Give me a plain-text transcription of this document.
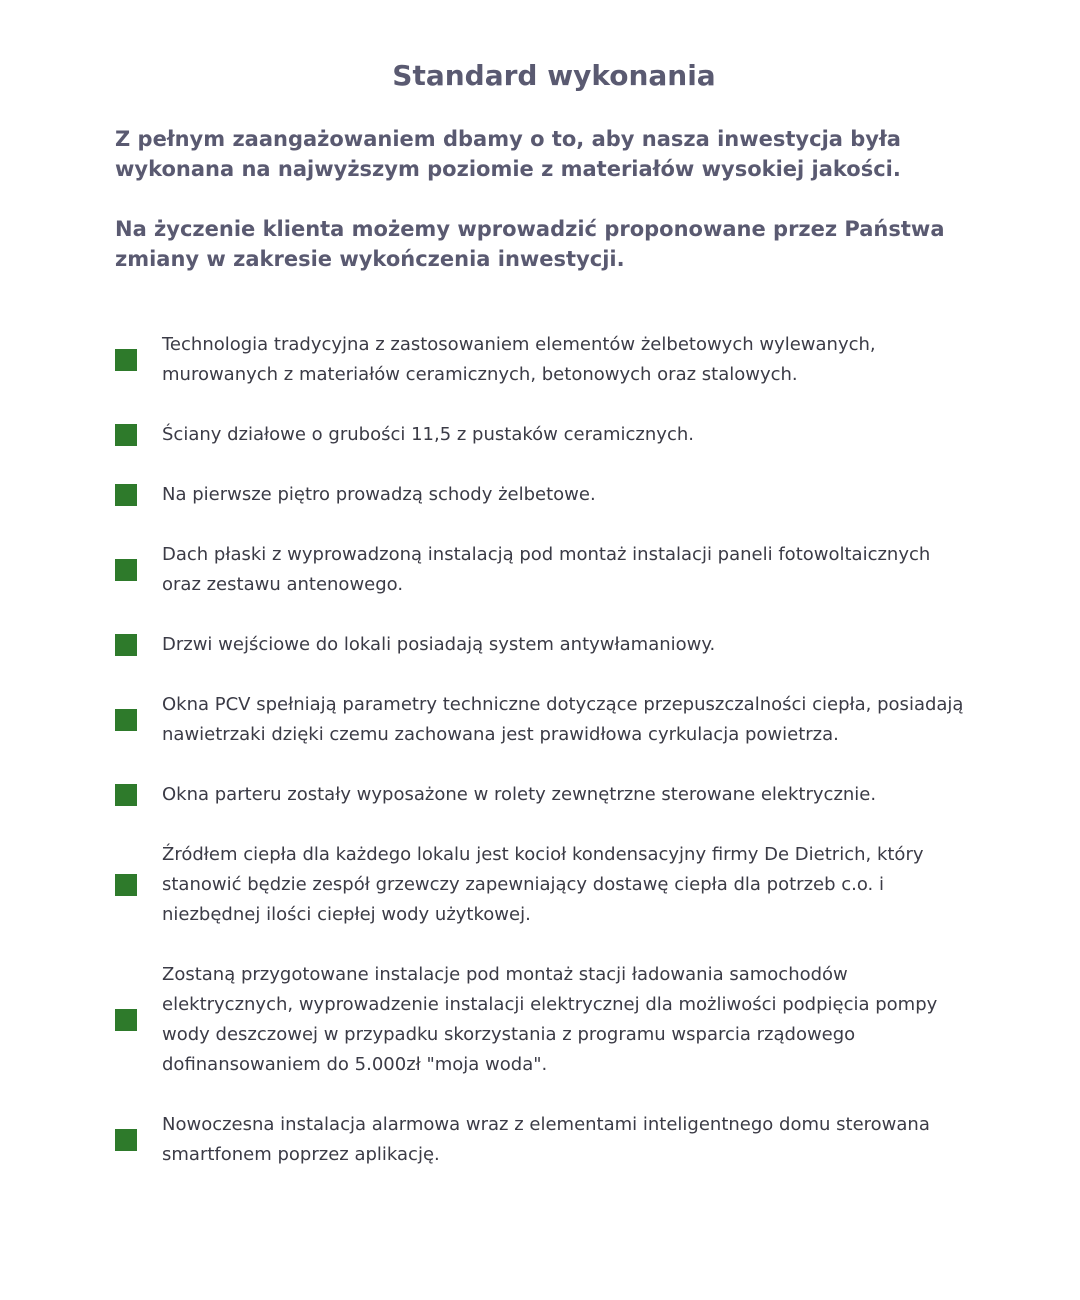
Standard wykonania

Z pełnym zaangażowaniem dbamy o to, aby nasza inwestycja była wykonana na najwyższym poziomie z materiałów wysokiej jakości.

Na życzenie klienta możemy wprowadzić proponowane przez Państwa zmiany w zakresie wykończenia inwestycji.

Technologia tradycyjna z zastosowaniem elementów żelbetowych wylewanych, murowanych z materiałów ceramicznych, betonowych oraz stalowych.
Ściany działowe o grubości 11,5 z pustaków ceramicznych.
Na pierwsze piętro prowadzą schody żelbetowe.
Dach płaski z wyprowadzoną instalacją pod montaż instalacji paneli fotowoltaicznych oraz zestawu antenowego.
Drzwi wejściowe do lokali posiadają system antywłamaniowy.
Okna PCV spełniają parametry techniczne dotyczące przepuszczalności ciepła, posiadają nawietrzaki dzięki czemu zachowana jest prawidłowa cyrkulacja powietrza.
Okna parteru zostały wyposażone w rolety zewnętrzne sterowane elektrycznie.
Źródłem ciepła dla każdego lokalu jest kocioł kondensacyjny firmy De Dietrich, który stanowić będzie zespół grzewczy zapewniający dostawę ciepła dla potrzeb c.o. i niezbędnej ilości ciepłej wody użytkowej.
Zostaną przygotowane instalacje pod montaż stacji ładowania samochodów elektrycznych, wyprowadzenie instalacji elektrycznej dla możliwości podpięcia pompy wody deszczowej w przypadku skorzystania z programu wsparcia rządowego dofinansowaniem do 5.000zł "moja woda".
Nowoczesna instalacja alarmowa wraz z elementami inteligentnego domu sterowana smartfonem poprzez aplikację.
